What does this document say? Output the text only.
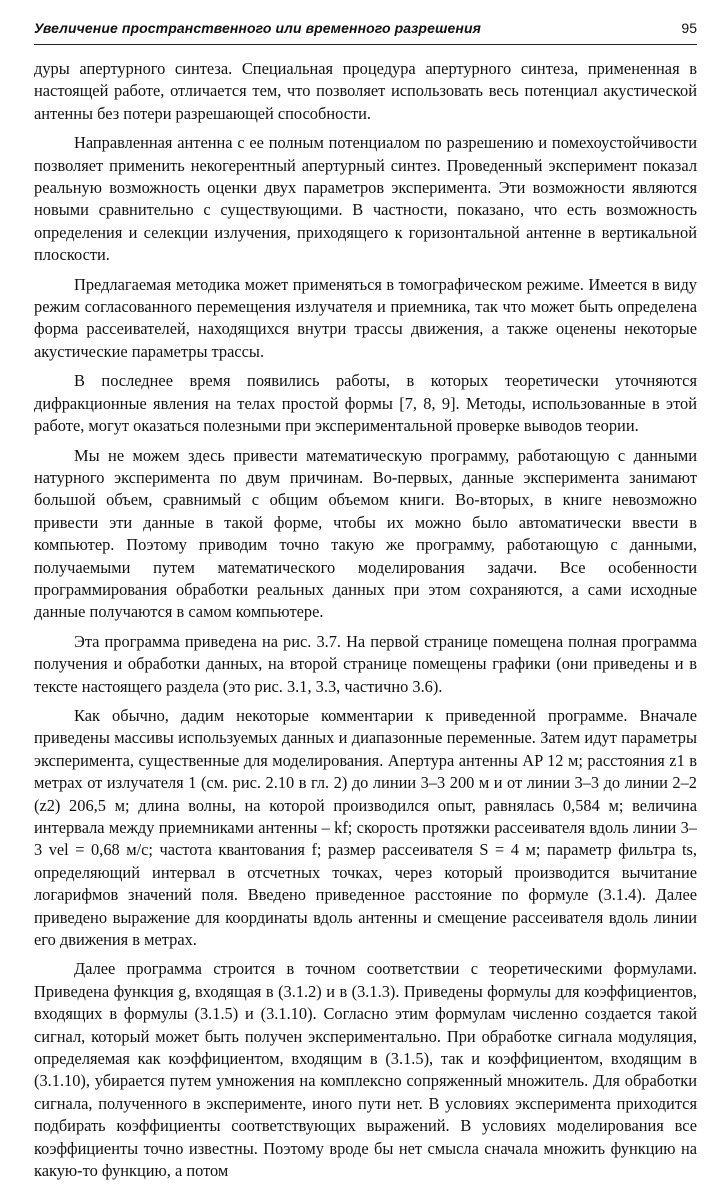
Увеличение пространственного или временного разрешения	95

дуры апертурного синтеза. Специальная процедура апертурного синтеза, примененная в настоящей работе, отличается тем, что позволяет использовать весь потенциал акустической антенны без потери разрешающей способности.

Направленная антенна с ее полным потенциалом по разрешению и помехоустойчивости позволяет применить некогерентный апертурный синтез. Проведенный эксперимент показал реальную возможность оценки двух параметров эксперимента. Эти возможности являются новыми сравнительно с существующими. В частности, показано, что есть возможность определения и селекции излучения, приходящего к горизонтальной антенне в вертикальной плоскости.

Предлагаемая методика может применяться в томографическом режиме. Имеется в виду режим согласованного перемещения излучателя и приемника, так что может быть определена форма рассеивателей, находящихся внутри трассы движения, а также оценены некоторые акустические параметры трассы.

В последнее время появились работы, в которых теоретически уточняются дифракционные явления на телах простой формы [7, 8, 9]. Методы, использованные в этой работе, могут оказаться полезными при экспериментальной проверке выводов теории.

Мы не можем здесь привести математическую программу, работающую с данными натурного эксперимента по двум причинам. Во-первых, данные эксперимента занимают большой объем, сравнимый с общим объемом книги. Во-вторых, в книге невозможно привести эти данные в такой форме, чтобы их можно было автоматически ввести в компьютер. Поэтому приводим точно такую же программу, работающую с данными, получаемыми путем математического моделирования задачи. Все особенности программирования обработки реальных данных при этом сохраняются, а сами исходные данные получаются в самом компьютере.

Эта программа приведена на рис. 3.7. На первой странице помещена полная программа получения и обработки данных, на второй странице помещены графики (они приведены и в тексте настоящего раздела (это рис. 3.1, 3.3, частично 3.6).

Как обычно, дадим некоторые комментарии к приведенной программе. Вначале приведены массивы используемых данных и диапазонные переменные. Затем идут параметры эксперимента, существенные для моделирования. Апертура антенны AP 12 м; расстояния z1 в метрах от излучателя 1 (см. рис. 2.10 в гл. 2) до линии 3–3 200 м и от линии 3–3 до линии 2–2 (z2) 206,5 м; длина волны, на которой производился опыт, равнялась 0,584 м; величина интервала между приемниками антенны – kf; скорость протяжки рассеивателя вдоль линии 3–3 vel = 0,68 м/с; частота квантования f; размер рассеивателя S = 4 м; параметр фильтра ts, определяющий интервал в отсчетных точках, через который производится вычитание логарифмов значений поля. Введено приведенное расстояние по формуле (3.1.4). Далее приведено выражение для координаты вдоль антенны и смещение рассеивателя вдоль линии его движения в метрах.

Далее программа строится в точном соответствии с теоретическими формулами. Приведена функция g, входящая в (3.1.2) и в (3.1.3). Приведены формулы для коэффициентов, входящих в формулы (3.1.5) и (3.1.10). Согласно этим формулам численно создается такой сигнал, который может быть получен экспериментально. При обработке сигнала модуляция, определяемая как коэффициентом, входящим в (3.1.5), так и коэффициентом, входящим в (3.1.10), убирается путем умножения на комплексно сопряженный множитель. Для обработки сигнала, полученного в эксперименте, иного пути нет. В условиях эксперимента приходится подбирать коэффициенты соответствующих выражений. В условиях моделирования все коэффициенты точно известны. Поэтому вроде бы нет смысла сначала множить функцию на какую-то функцию, а потом
